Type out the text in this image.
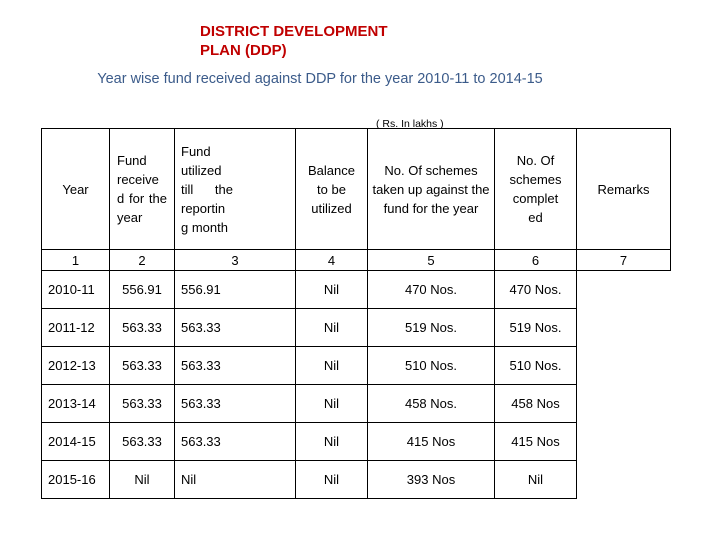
DISTRICT DEVELOPMENT
PLAN (DDP)
Year wise fund received against DDP for the year 2010-11 to 2014-15
( Rs. In lakhs )
Year	Fund receive d for the year	Fund utilized till the reportin g month	Balance to be utilized	No. Of schemes taken up against the fund for the year	No. Of schemes complet ed	Remarks
1	2	3	4	5	6	7
2010-11	556.91	556.91	Nil	470 Nos.	470 Nos.	
2011-12	563.33	563.33	Nil	519 Nos.	519 Nos.	
2012-13	563.33	563.33	Nil	510 Nos.	510 Nos.	
2013-14	563.33	563.33	Nil	458 Nos.	458 Nos	
2014-15	563.33	563.33	Nil	415 Nos	415 Nos	
2015-16	Nil	Nil	Nil	393 Nos	Nil	
